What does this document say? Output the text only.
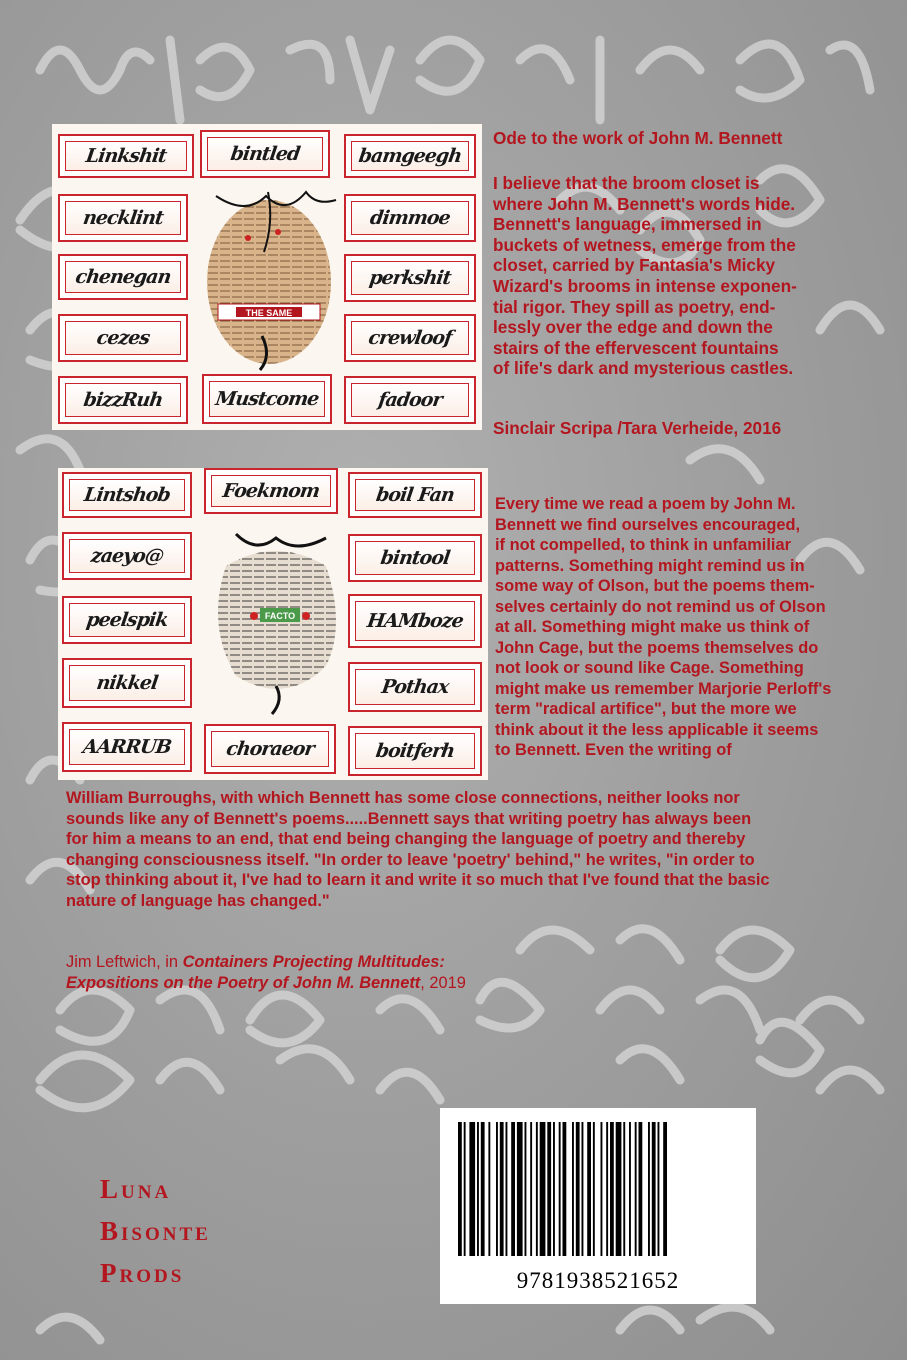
Linkshit	bintled	bamgeegh
necklint	dimmoe
chenegan	perkshit
cezes	crewloof
bizzRuh	Mustcome	fadoor
THE SAME
Lintshob	Foekmom	boil Fan
zaeyo@	bintool
peelspik	HAMboze
nikkel	Pothax
AARRUB	choraeor	boitferh
FACTO
Ode to the work of John M. Bennett
I believe that the broom closet is
where John M. Bennett's words hide.
Bennett's language, immersed in
buckets of wetness, emerge from the
closet, carried by Fantasia's Micky
Wizard's brooms in intense exponen-
tial rigor. They spill as poetry, end-
lessly over the edge and down the
stairs of the effervescent fountains
of life's dark and mysterious castles.
Sinclair Scripa /Tara Verheide, 2016
Every time we read a poem by John M.
Bennett we find ourselves encouraged,
if not compelled, to think in unfamiliar
patterns. Something might remind us in
some way of Olson, but the poems them-
selves certainly do not remind us of Olson
at all. Something might make us think of
John Cage, but the poems themselves do
not look or sound like Cage. Something
might make us remember Marjorie Perloff's
term "radical artifice", but the more we
think about it the less applicable it seems
to Bennett. Even the writing of
William Burroughs, with which Bennett has some close connections, neither looks nor
sounds like any of Bennett's poems.....Bennett says that writing poetry has always been
for him a means to an end, that end being changing the language of poetry and thereby
changing consciousness itself. "In order to leave 'poetry' behind," he writes, "in order to
stop thinking about it, I've had to learn it and write it so much that I've found that the basic
nature of language has changed."
Jim Leftwich, in Containers Projecting Multitudes:
Expositions on the Poetry of John M. Bennett, 2019
Luna
Bisonte
Prods	9781938521652
